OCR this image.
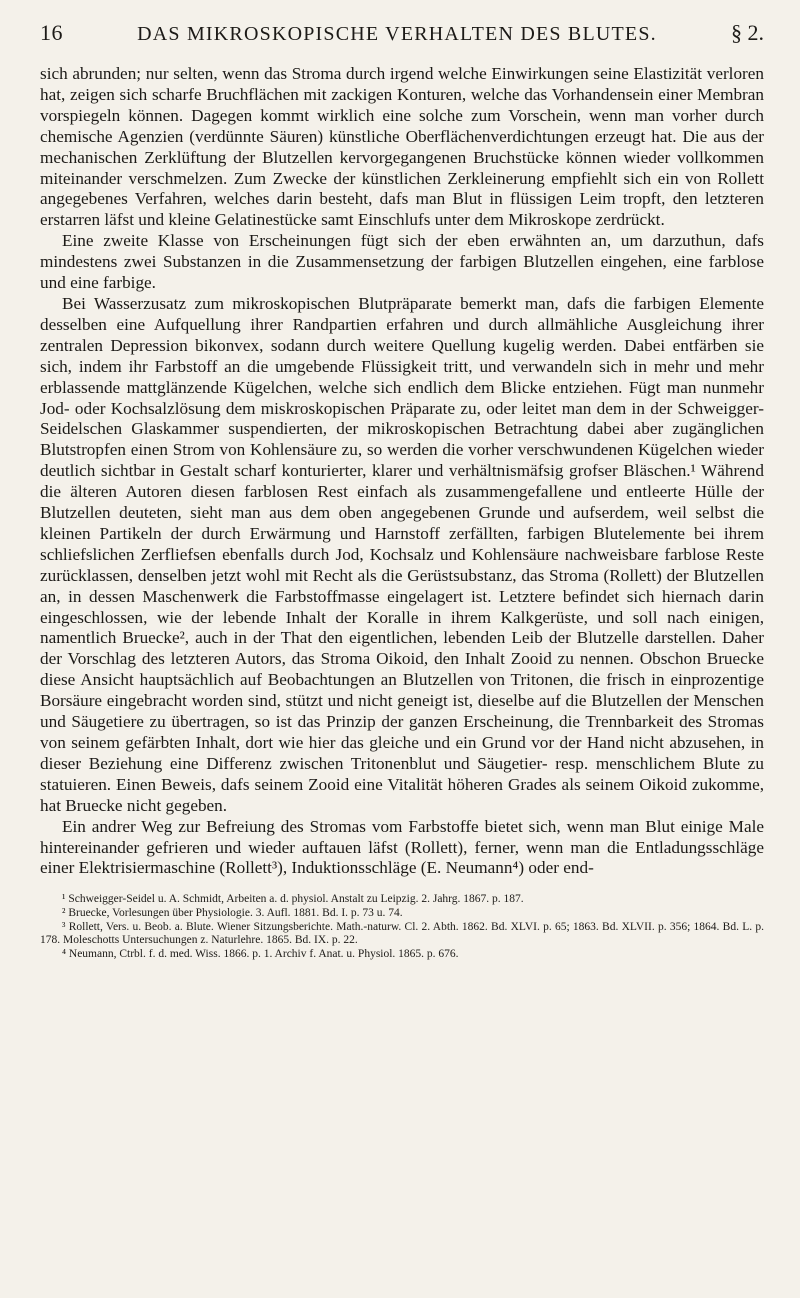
16	DAS MIKROSKOPISCHE VERHALTEN DES BLUTES.	§ 2.

sich abrunden; nur selten, wenn das Stroma durch irgend welche Einwirkungen seine Elastizität verloren hat, zeigen sich scharfe Bruchflächen mit zackigen Konturen, welche das Vorhandensein einer Membran vorspiegeln können. Dagegen kommt wirklich eine solche zum Vorschein, wenn man vorher durch chemische Agenzien (verdünnte Säuren) künstliche Oberflächenverdichtungen erzeugt hat. Die aus der mechanischen Zerklüftung der Blutzellen kervorgegangenen Bruchstücke können wieder vollkommen miteinander verschmelzen. Zum Zwecke der künstlichen Zerkleinerung empfiehlt sich ein von Rollett angegebenes Verfahren, welches darin besteht, dafs man Blut in flüssigen Leim tropft, den letzteren erstarren läfst und kleine Gelatinestücke samt Einschlufs unter dem Mikroskope zerdrückt.

Eine zweite Klasse von Erscheinungen fügt sich der eben erwähnten an, um darzuthun, dafs mindestens zwei Substanzen in die Zusammensetzung der farbigen Blutzellen eingehen, eine farblose und eine farbige.

Bei Wasserzusatz zum mikroskopischen Blutpräparate bemerkt man, dafs die farbigen Elemente desselben eine Aufquellung ihrer Randpartien erfahren und durch allmähliche Ausgleichung ihrer zentralen Depression bikonvex, sodann durch weitere Quellung kugelig werden. Dabei entfärben sie sich, indem ihr Farbstoff an die umgebende Flüssigkeit tritt, und verwandeln sich in mehr und mehr erblassende mattglänzende Kügelchen, welche sich endlich dem Blicke entziehen. Fügt man nunmehr Jod- oder Kochsalzlösung dem miskroskopischen Präparate zu, oder leitet man dem in der Schweigger-Seidelschen Glaskammer suspendierten, der mikroskopischen Betrachtung dabei aber zugänglichen Blutstropfen einen Strom von Kohlensäure zu, so werden die vorher verschwundenen Kügelchen wieder deutlich sichtbar in Gestalt scharf konturierter, klarer und verhältnismäfsig grofser Bläschen.¹ Während die älteren Autoren diesen farblosen Rest einfach als zusammengefallene und entleerte Hülle der Blutzellen deuteten, sieht man aus dem oben angegebenen Grunde und aufserdem, weil selbst die kleinen Partikeln der durch Erwärmung und Harnstoff zerfällten, farbigen Blutelemente bei ihrem schliefslichen Zerfliefsen ebenfalls durch Jod, Kochsalz und Kohlensäure nachweisbare farblose Reste zurücklassen, denselben jetzt wohl mit Recht als die Gerüstsubstanz, das Stroma (Rollett) der Blutzellen an, in dessen Maschenwerk die Farbstoffmasse eingelagert ist. Letztere befindet sich hiernach darin eingeschlossen, wie der lebende Inhalt der Koralle in ihrem Kalkgerüste, und soll nach einigen, namentlich Bruecke², auch in der That den eigentlichen, lebenden Leib der Blutzelle darstellen. Daher der Vorschlag des letzteren Autors, das Stroma Oikoid, den Inhalt Zooid zu nennen. Obschon Bruecke diese Ansicht hauptsächlich auf Beobachtungen an Blutzellen von Tritonen, die frisch in einprozentige Borsäure eingebracht worden sind, stützt und nicht geneigt ist, dieselbe auf die Blutzellen der Menschen und Säugetiere zu übertragen, so ist das Prinzip der ganzen Erscheinung, die Trennbarkeit des Stromas von seinem gefärbten Inhalt, dort wie hier das gleiche und ein Grund vor der Hand nicht abzusehen, in dieser Beziehung eine Differenz zwischen Tritonenblut und Säugetier- resp. menschlichem Blute zu statuieren. Einen Beweis, dafs seinem Zooid eine Vitalität höheren Grades als seinem Oikoid zukomme, hat Bruecke nicht gegeben.

Ein andrer Weg zur Befreiung des Stromas vom Farbstoffe bietet sich, wenn man Blut einige Male hintereinander gefrieren und wieder auftauen läfst (Rollett), ferner, wenn man die Entladungsschläge einer Elektrisiermaschine (Rollett³), Induktionsschläge (E. Neumann⁴) oder end-

¹ Schweigger-Seidel u. A. Schmidt, Arbeiten a. d. physiol. Anstalt zu Leipzig. 2. Jahrg. 1867. p. 187.

² Bruecke, Vorlesungen über Physiologie. 3. Aufl. 1881. Bd. I. p. 73 u. 74.

³ Rollett, Vers. u. Beob. a. Blute. Wiener Sitzungsberichte. Math.-naturw. Cl. 2. Abth. 1862. Bd. XLVI. p. 65; 1863. Bd. XLVII. p. 356; 1864. Bd. L. p. 178. Moleschotts Untersuchungen z. Naturlehre. 1865. Bd. IX. p. 22.

⁴ Neumann, Ctrbl. f. d. med. Wiss. 1866. p. 1. Archiv f. Anat. u. Physiol. 1865. p. 676.
